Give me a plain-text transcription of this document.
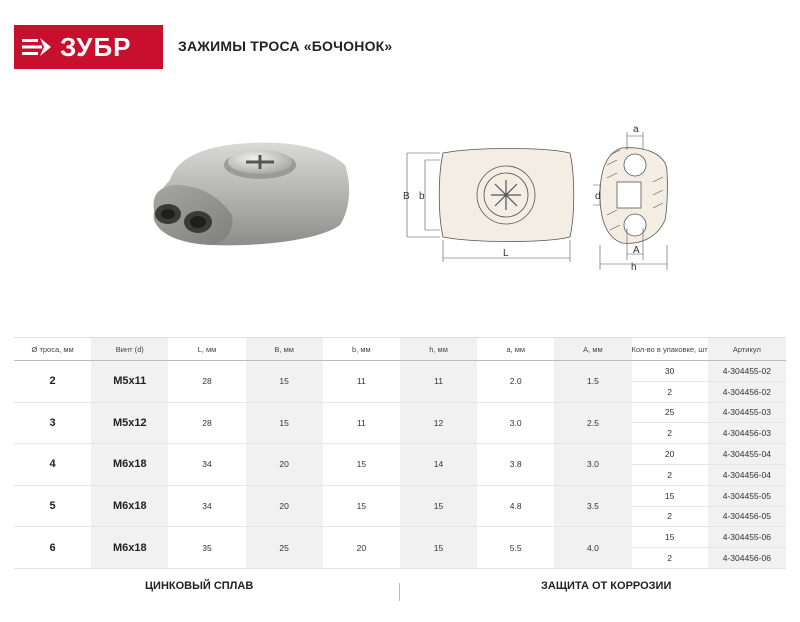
ЗУБР	ЗАЖИМЫ ТРОСА «БОЧОНОК»
B b
L
a
d
A
h
Ø троса, мм	Винт (d)	L, мм	B, мм	b, мм	h, мм	a, мм	A, мм	Кол-во в упаковке, шт	Артикул
2	M5x11	28	15	11	11	2.0	1.5	30	4-304455-02
								2	4-304456-02
3	M5x12	28	15	11	12	3.0	2.5	25	4-304455-03
								2	4-304456-03
4	M6x18	34	20	15	14	3.8	3.0	20	4-304455-04
								2	4-304456-04
5	M6x18	34	20	15	15	4.8	3.5	15	4-304455-05
								2	4-304456-05
6	M6x18	35	25	20	15	5.5	4.0	15	4-304455-06
								2	4-304456-06
ЦИНКОВЫЙ СПЛАВ	ЗАЩИТА ОТ КОРРОЗИИ
